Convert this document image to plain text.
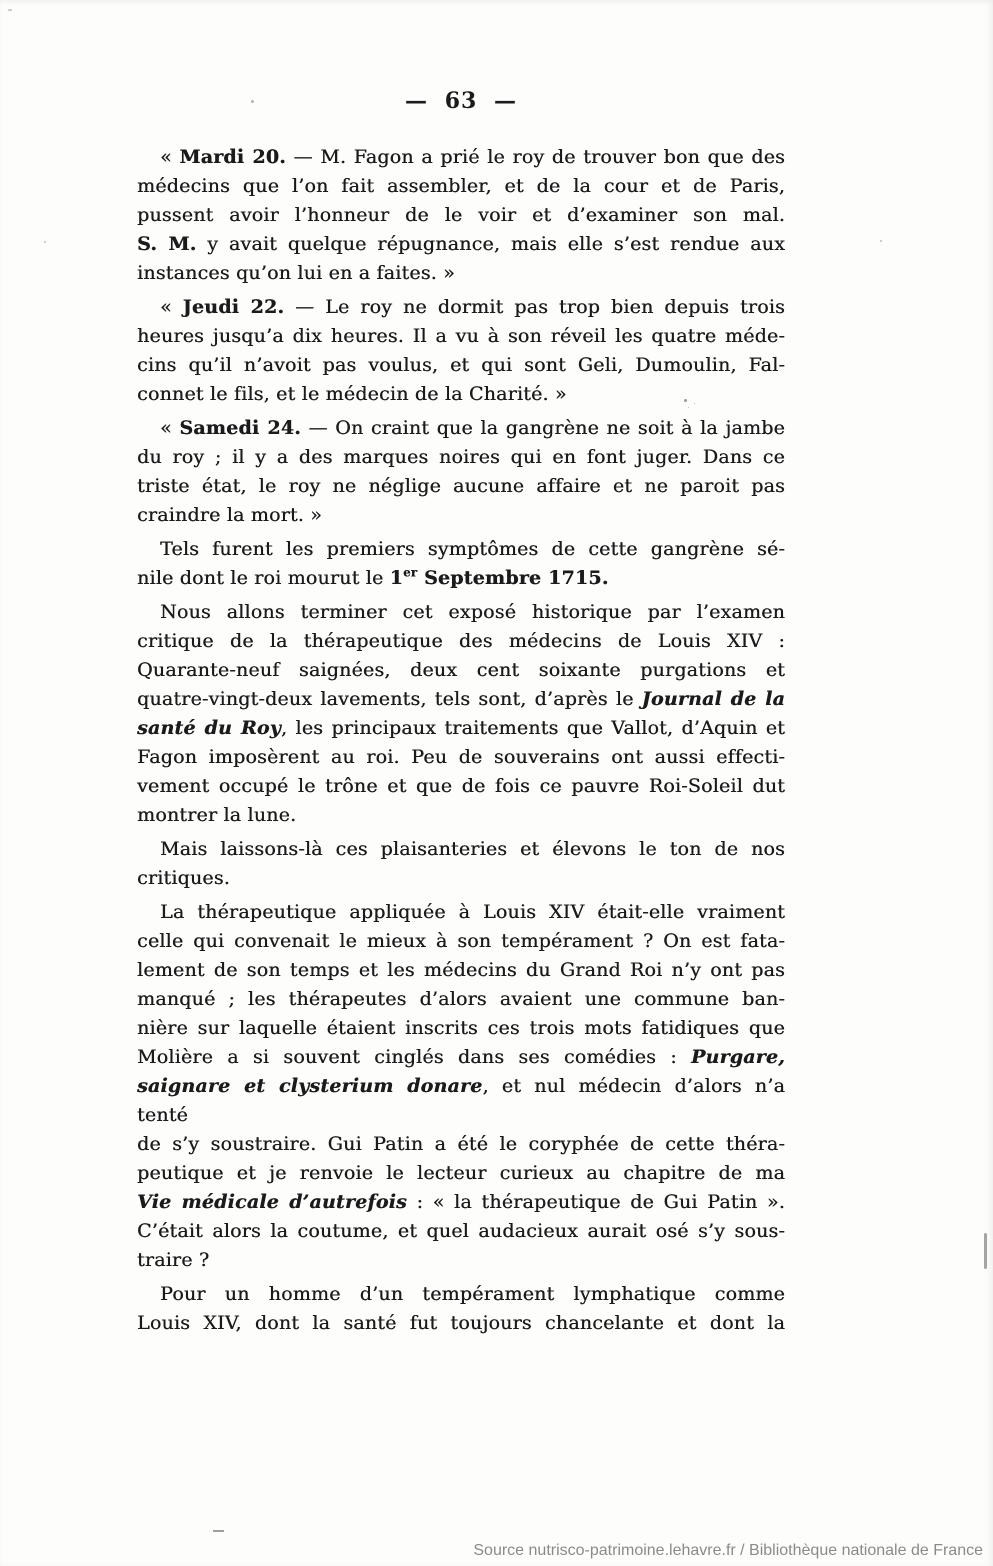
— 63 —
« Mardi 20. — M. Fagon a prié le roy de trouver bon que des
médecins que l’on fait assembler, et de la cour et de Paris,
pussent avoir l’honneur de le voir et d’examiner son mal.
S. M. y avait quelque répugnance, mais elle s’est rendue aux
instances qu’on lui en a faites. »
« Jeudi 22. — Le roy ne dormit pas trop bien depuis trois
heures jusqu’a dix heures. Il a vu à son réveil les quatre méde-
cins qu’il n’avoit pas voulus, et qui sont Geli, Dumoulin, Fal-
connet le fils, et le médecin de la Charité. »
« Samedi 24. — On craint que la gangrène ne soit à la jambe
du roy ; il y a des marques noires qui en font juger. Dans ce
triste état, le roy ne néglige aucune affaire et ne paroit pas
craindre la mort. »
Tels furent les premiers symptômes de cette gangrène sé-
nile dont le roi mourut le 1er Septembre 1715.
Nous allons terminer cet exposé historique par l’examen
critique de la thérapeutique des médecins de Louis XIV :
Quarante-neuf saignées, deux cent soixante purgations et
quatre-vingt-deux lavements, tels sont, d’après le Journal de la
santé du Roy, les principaux traitements que Vallot, d’Aquin et
Fagon imposèrent au roi. Peu de souverains ont aussi effecti-
vement occupé le trône et que de fois ce pauvre Roi-Soleil dut
montrer la lune.
Mais laissons-là ces plaisanteries et élevons le ton de nos
critiques.
La thérapeutique appliquée à Louis XIV était-elle vraiment
celle qui convenait le mieux à son tempérament ? On est fata-
lement de son temps et les médecins du Grand Roi n’y ont pas
manqué ; les thérapeutes d’alors avaient une commune ban-
nière sur laquelle étaient inscrits ces trois mots fatidiques que
Molière a si souvent cinglés dans ses comédies : Purgare,
saignare et clysterium donare, et nul médecin d’alors n’a tenté
de s’y soustraire. Gui Patin a été le coryphée de cette théra-
peutique et je renvoie le lecteur curieux au chapitre de ma
Vie médicale d’autrefois : « la thérapeutique de Gui Patin ».
C’était alors la coutume, et quel audacieux aurait osé s’y sous-
traire ?
Pour un homme d’un tempérament lymphatique comme
Louis XIV, dont la santé fut toujours chancelante et dont la
Source nutrisco-patrimoine.lehavre.fr / Bibliothèque nationale de France
